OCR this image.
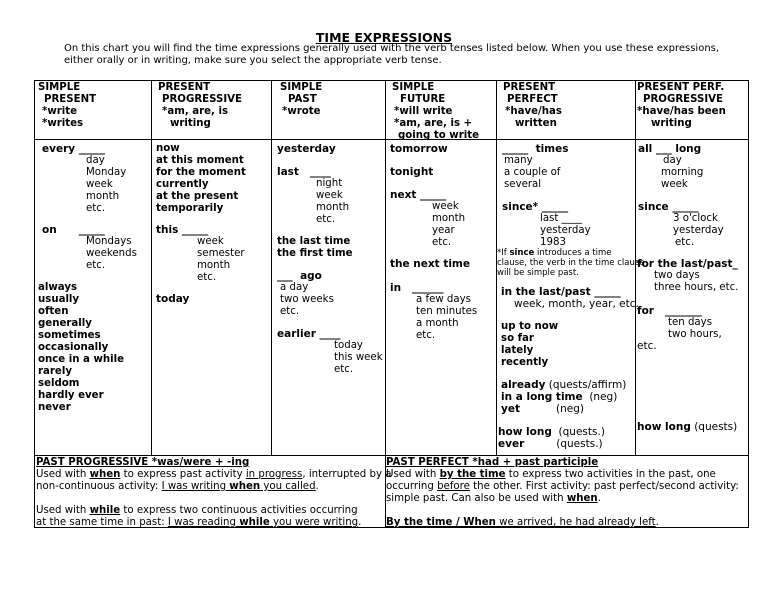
TIME EXPRESSIONS
On this chart you will find the time expressions generally used with the verb tenses listed below. When you use these expressions,
either orally or in writing, make sure you select the appropriate verb tense.
SIMPLE
PRESENT
*write
*writes
PRESENT
PROGRESSIVE
*am, are, is
writing
SIMPLE
PAST
*wrote
SIMPLE
FUTURE
*will write
*am, are, is +
going to write
PRESENT
PERFECT
*have/has
written
PRESENT PERF.
PROGRESSIVE
*have/has been
writing
every _____
day
Monday
week
month
etc.
on      _____
Mondays
weekends
etc.
always
usually
often
generally
sometimes
occasionally
once in a while
rarely
seldom
hardly ever
never
now
at this moment
for the moment
currently
at the present
temporarily
this _____
week
semester
month
etc.
today
yesterday
last   ____
night
week
month
etc.
the last time
the first time
___  ago
a day
two weeks
etc.
earlier ____
today
this week
etc.
tomorrow
tonight
next _____
week
month
year
etc.
the next time
in   ______
a few days
ten minutes
a month
etc.
_____  times
many
a couple of
several
since* _____
last ____
yesterday
1983
*If since introduces a time
clause, the verb in the time clause
will be simple past.
in the last/past _____
week, month, year, etc.
up to now
so far
lately
recently
already (quests/affirm)
in a long time (neg)
yet	(neg)
how long (quests.)
ever	(quests.)
all ___ long
day
morning
week
since _____
3 o'clock
yesterday
etc.
for the last/past_
two days
three hours, etc.
for   _______
ten days
two hours,
etc.
how long (quests)
PAST PROGRESSIVE *was/were + -ing
Used with when to express past activity in progress, interrupted by a
non-continuous activity: I was writing when you called.
Used with while to express two continuous activities occurring
at the same time in past: I was reading while you were writing.
PAST PERFECT *had + past participle
Used with by the time to express two activities in the past, one
occurring before the other. First activity: past perfect/second activity:
simple past. Can also be used with when.
By the time / When we arrived, he had already left.
